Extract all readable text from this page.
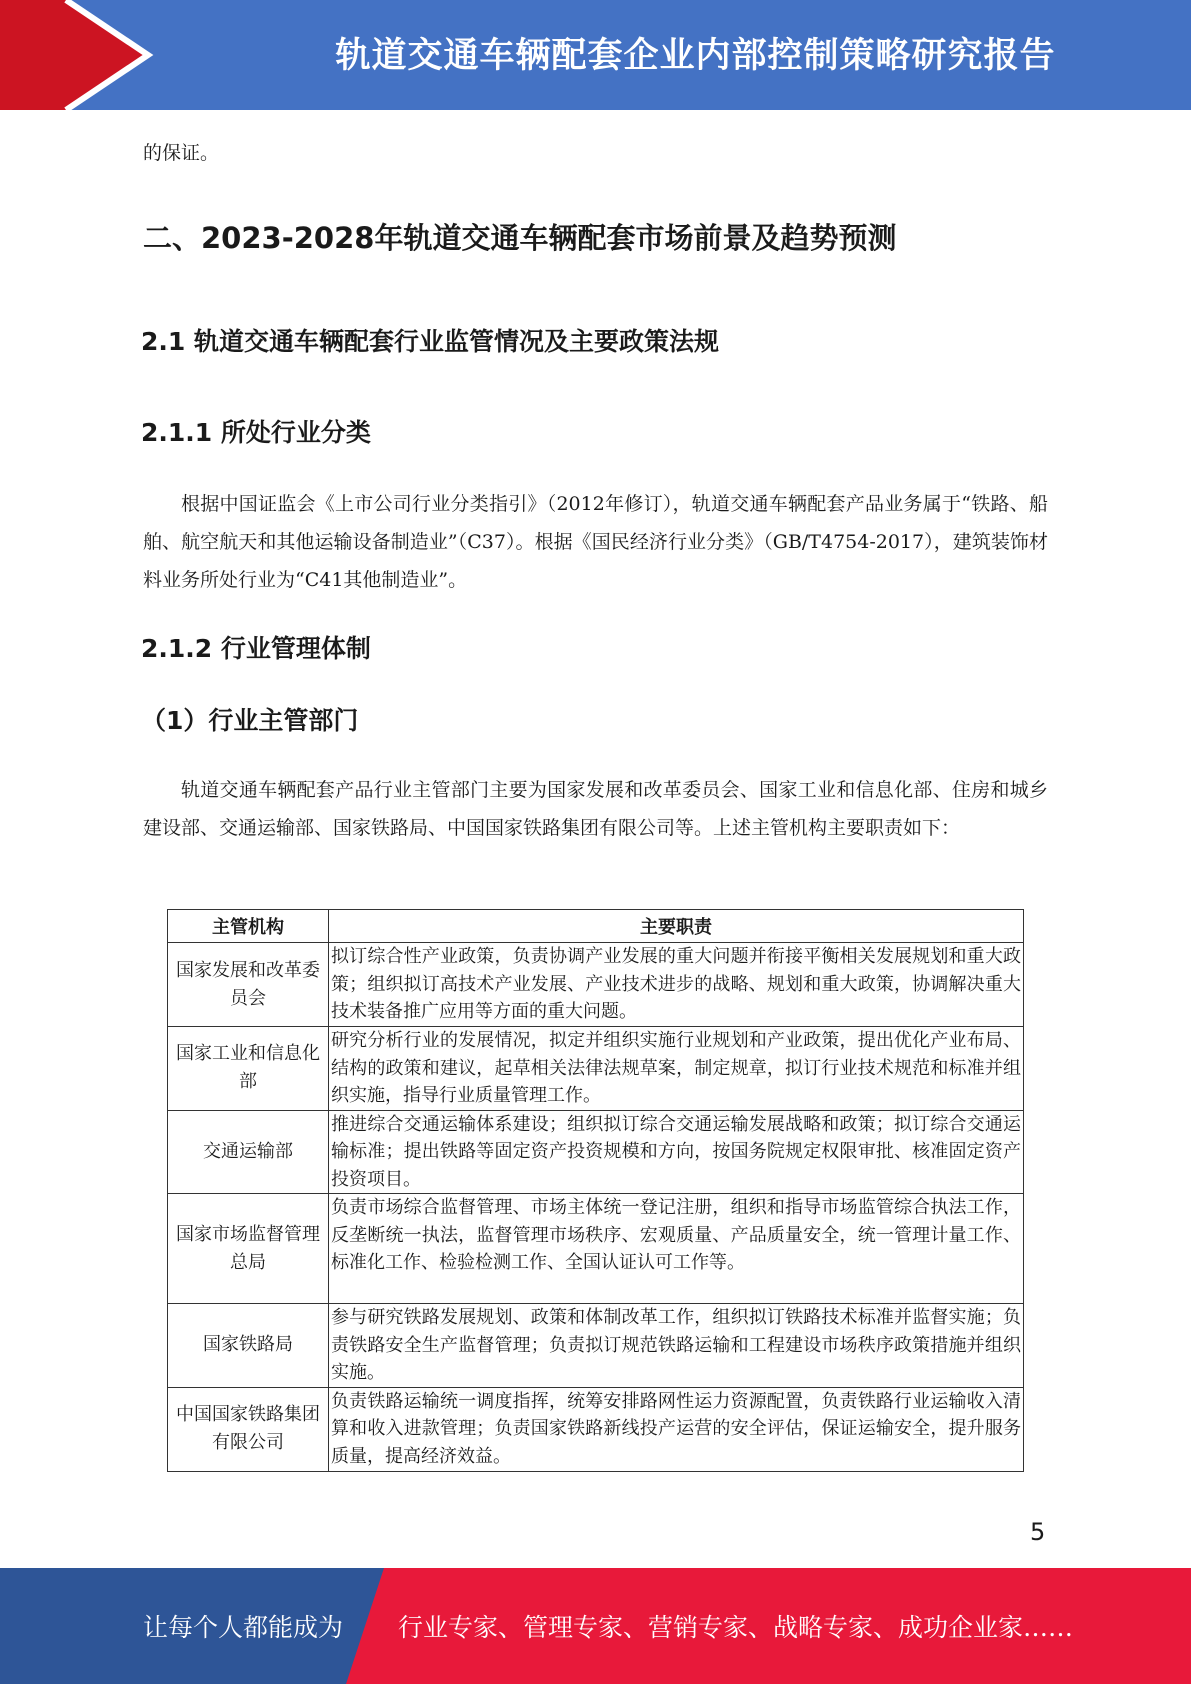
轨道交通车辆配套企业内部控制策略研究报告
的保证。
二、2023-2028年轨道交通车辆配套市场前景及趋势预测
2.1 轨道交通车辆配套行业监管情况及主要政策法规
2.1.1 所处行业分类
根据中国证监会《上市公司行业分类指引》（2012年修订），轨道交通车辆配套产品业务属于“铁路、船舶、航空航天和其他运输设备制造业”（C37）。根据《国民经济行业分类》（GB/T4754-2017），建筑装饰材料业务所处行业为“C41其他制造业”。
2.1.2 行业管理体制
（1）行业主管部门
轨道交通车辆配套产品行业主管部门主要为国家发展和改革委员会、国家工业和信息化部、住房和城乡建设部、交通运输部、国家铁路局、中国国家铁路集团有限公司等。上述主管机构主要职责如下：
主管机构	主要职责
国家发展和改革委员会	拟订综合性产业政策，负责协调产业发展的重大问题并衔接平衡相关发展规划和重大政策；组织拟订高技术产业发展、产业技术进步的战略、规划和重大政策，协调解决重大技术装备推广应用等方面的重大问题。
国家工业和信息化部	研究分析行业的发展情况，拟定并组织实施行业规划和产业政策，提出优化产业布局、结构的政策和建议，起草相关法律法规草案，制定规章，拟订行业技术规范和标准并组织实施，指导行业质量管理工作。
交通运输部	推进综合交通运输体系建设；组织拟订综合交通运输发展战略和政策；拟订综合交通运输标准；提出铁路等固定资产投资规模和方向，按国务院规定权限审批、核准固定资产投资项目。
国家市场监督管理总局	负责市场综合监督管理、市场主体统一登记注册，组织和指导市场监管综合执法工作，反垄断统一执法，监督管理市场秩序、宏观质量、产品质量安全，统一管理计量工作、标准化工作、检验检测工作、全国认证认可工作等。
国家铁路局	参与研究铁路发展规划、政策和体制改革工作，组织拟订铁路技术标准并监督实施；负责铁路安全生产监督管理；负责拟订规范铁路运输和工程建设市场秩序政策措施并组织实施。
中国国家铁路集团有限公司	负责铁路运输统一调度指挥，统筹安排路网性运力资源配置，负责铁路行业运输收入清算和收入进款管理；负责国家铁路新线投产运营的安全评估，保证运输安全，提升服务质量，提高经济效益。
5
让每个人都能成为 行业专家、管理专家、营销专家、战略专家、成功企业家……
